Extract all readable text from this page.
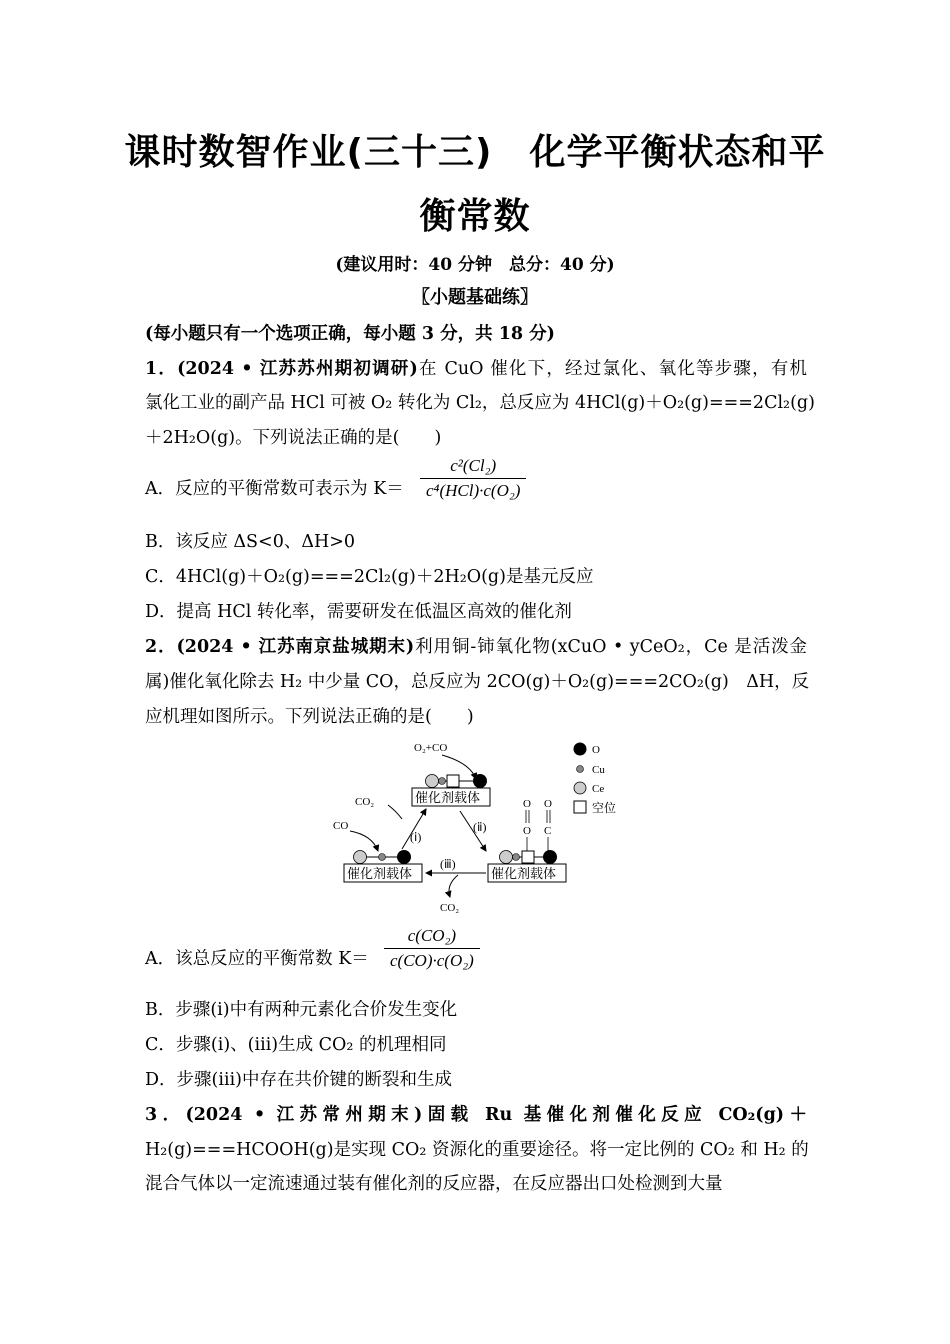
课时数智作业(三十三)　化学平衡状态和平
衡常数
(建议用时：40 分钟　总分：40 分)
〖小题基础练〗
(每小题只有一个选项正确，每小题 3 分，共 18 分)
1．(2024 • 江苏苏州期初调研)在 CuO 催化下，经过氯化、氧化等步骤，有机
氯化工业的副产品 HCl 可被 O₂ 转化为 Cl₂，总反应为 4HCl(g)＋O₂(g)===2Cl₂(g)
＋2H₂O(g)。下列说法正确的是(　　)
A．反应的平衡常数可表示为 K＝
c²(Cl₂)
c⁴(HCl)·c(O₂)
B．该反应 ΔS<0、ΔH>0
C．4HCl(g)＋O₂(g)===2Cl₂(g)＋2H₂O(g)是基元反应
D．提高 HCl 转化率，需要研发在低温区高效的催化剂
2．(2024 • 江苏南京盐城期末)利用铜-铈氧化物(xCuO • yCeO₂，Ce 是活泼金
属)催化氧化除去 H₂ 中少量 CO，总反应为 2CO(g)＋O₂(g)===2CO₂(g)　ΔH，反
应机理如图所示。下列说法正确的是(　　)
O₂+CO
催化剂载体
CO₂
CO
(ⅰ)
(ⅱ)
O
O
O
C
催化剂载体
(ⅲ)
CO₂
催化剂载体
O
Cu
Ce
空位
A．该总反应的平衡常数 K＝
c(CO₂)
c(CO)·c(O₂)
B．步骤(ⅰ)中有两种元素化合价发生变化
C．步骤(ⅰ)、(ⅲ)生成 CO₂ 的机理相同
D．步骤(ⅲ)中存在共价键的断裂和生成
3．(2024 • 江苏常州期末)固载 Ru 基催化剂催化反应 CO₂(g)＋
H₂(g)===HCOOH(g)是实现 CO₂ 资源化的重要途径。将一定比例的 CO₂ 和 H₂ 的
混合气体以一定流速通过装有催化剂的反应器，在反应器出口处检测到大量
